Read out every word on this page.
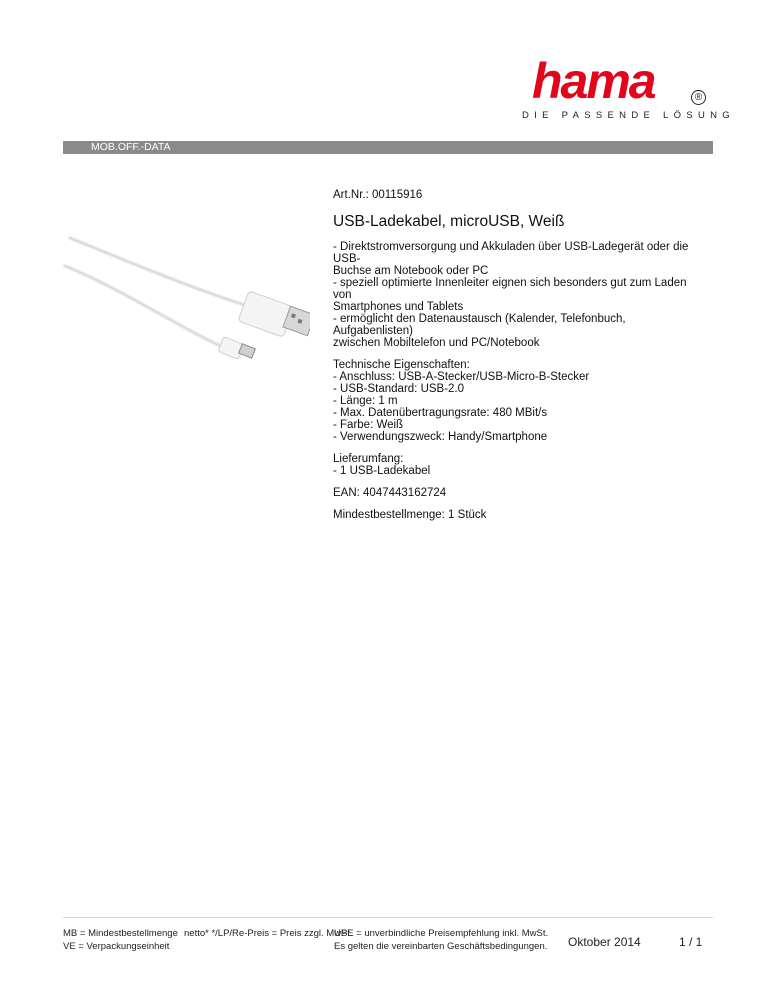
hama	®
DIE PASSENDE LÖSUNG
MOB.OFF.-DATA
Art.Nr.: 00115916
USB-Ladekabel, microUSB, Weiß
- Direktstromversorgung und Akkuladen über USB-Ladegerät oder die USB-
Buchse am Notebook oder PC
- speziell optimierte Innenleiter eignen sich besonders gut zum Laden von
Smartphones und Tablets
- ermöglicht den Datenaustausch (Kalender, Telefonbuch, Aufgabenlisten)
zwischen Mobiltelefon und PC/Notebook
Technische Eigenschaften:
- Anschluss: USB-A-Stecker/USB-Micro-B-Stecker
- USB-Standard: USB-2.0
- Länge: 1 m
- Max. Datenübertragungsrate: 480 MBit/s
- Farbe: Weiß
- Verwendungszweck: Handy/Smartphone
Lieferumfang:
- 1 USB-Ladekabel
EAN: 4047443162724
Mindestbestellmenge: 1 Stück
MB = Mindestbestellmenge
VE = Verpackungseinheit
netto* */LP/Re-Preis = Preis zzgl. MwSt.
UPE = unverbindliche Preisempfehlung inkl. MwSt.
Es gelten die vereinbarten Geschäftsbedingungen. Oktober 2014	1 / 1
